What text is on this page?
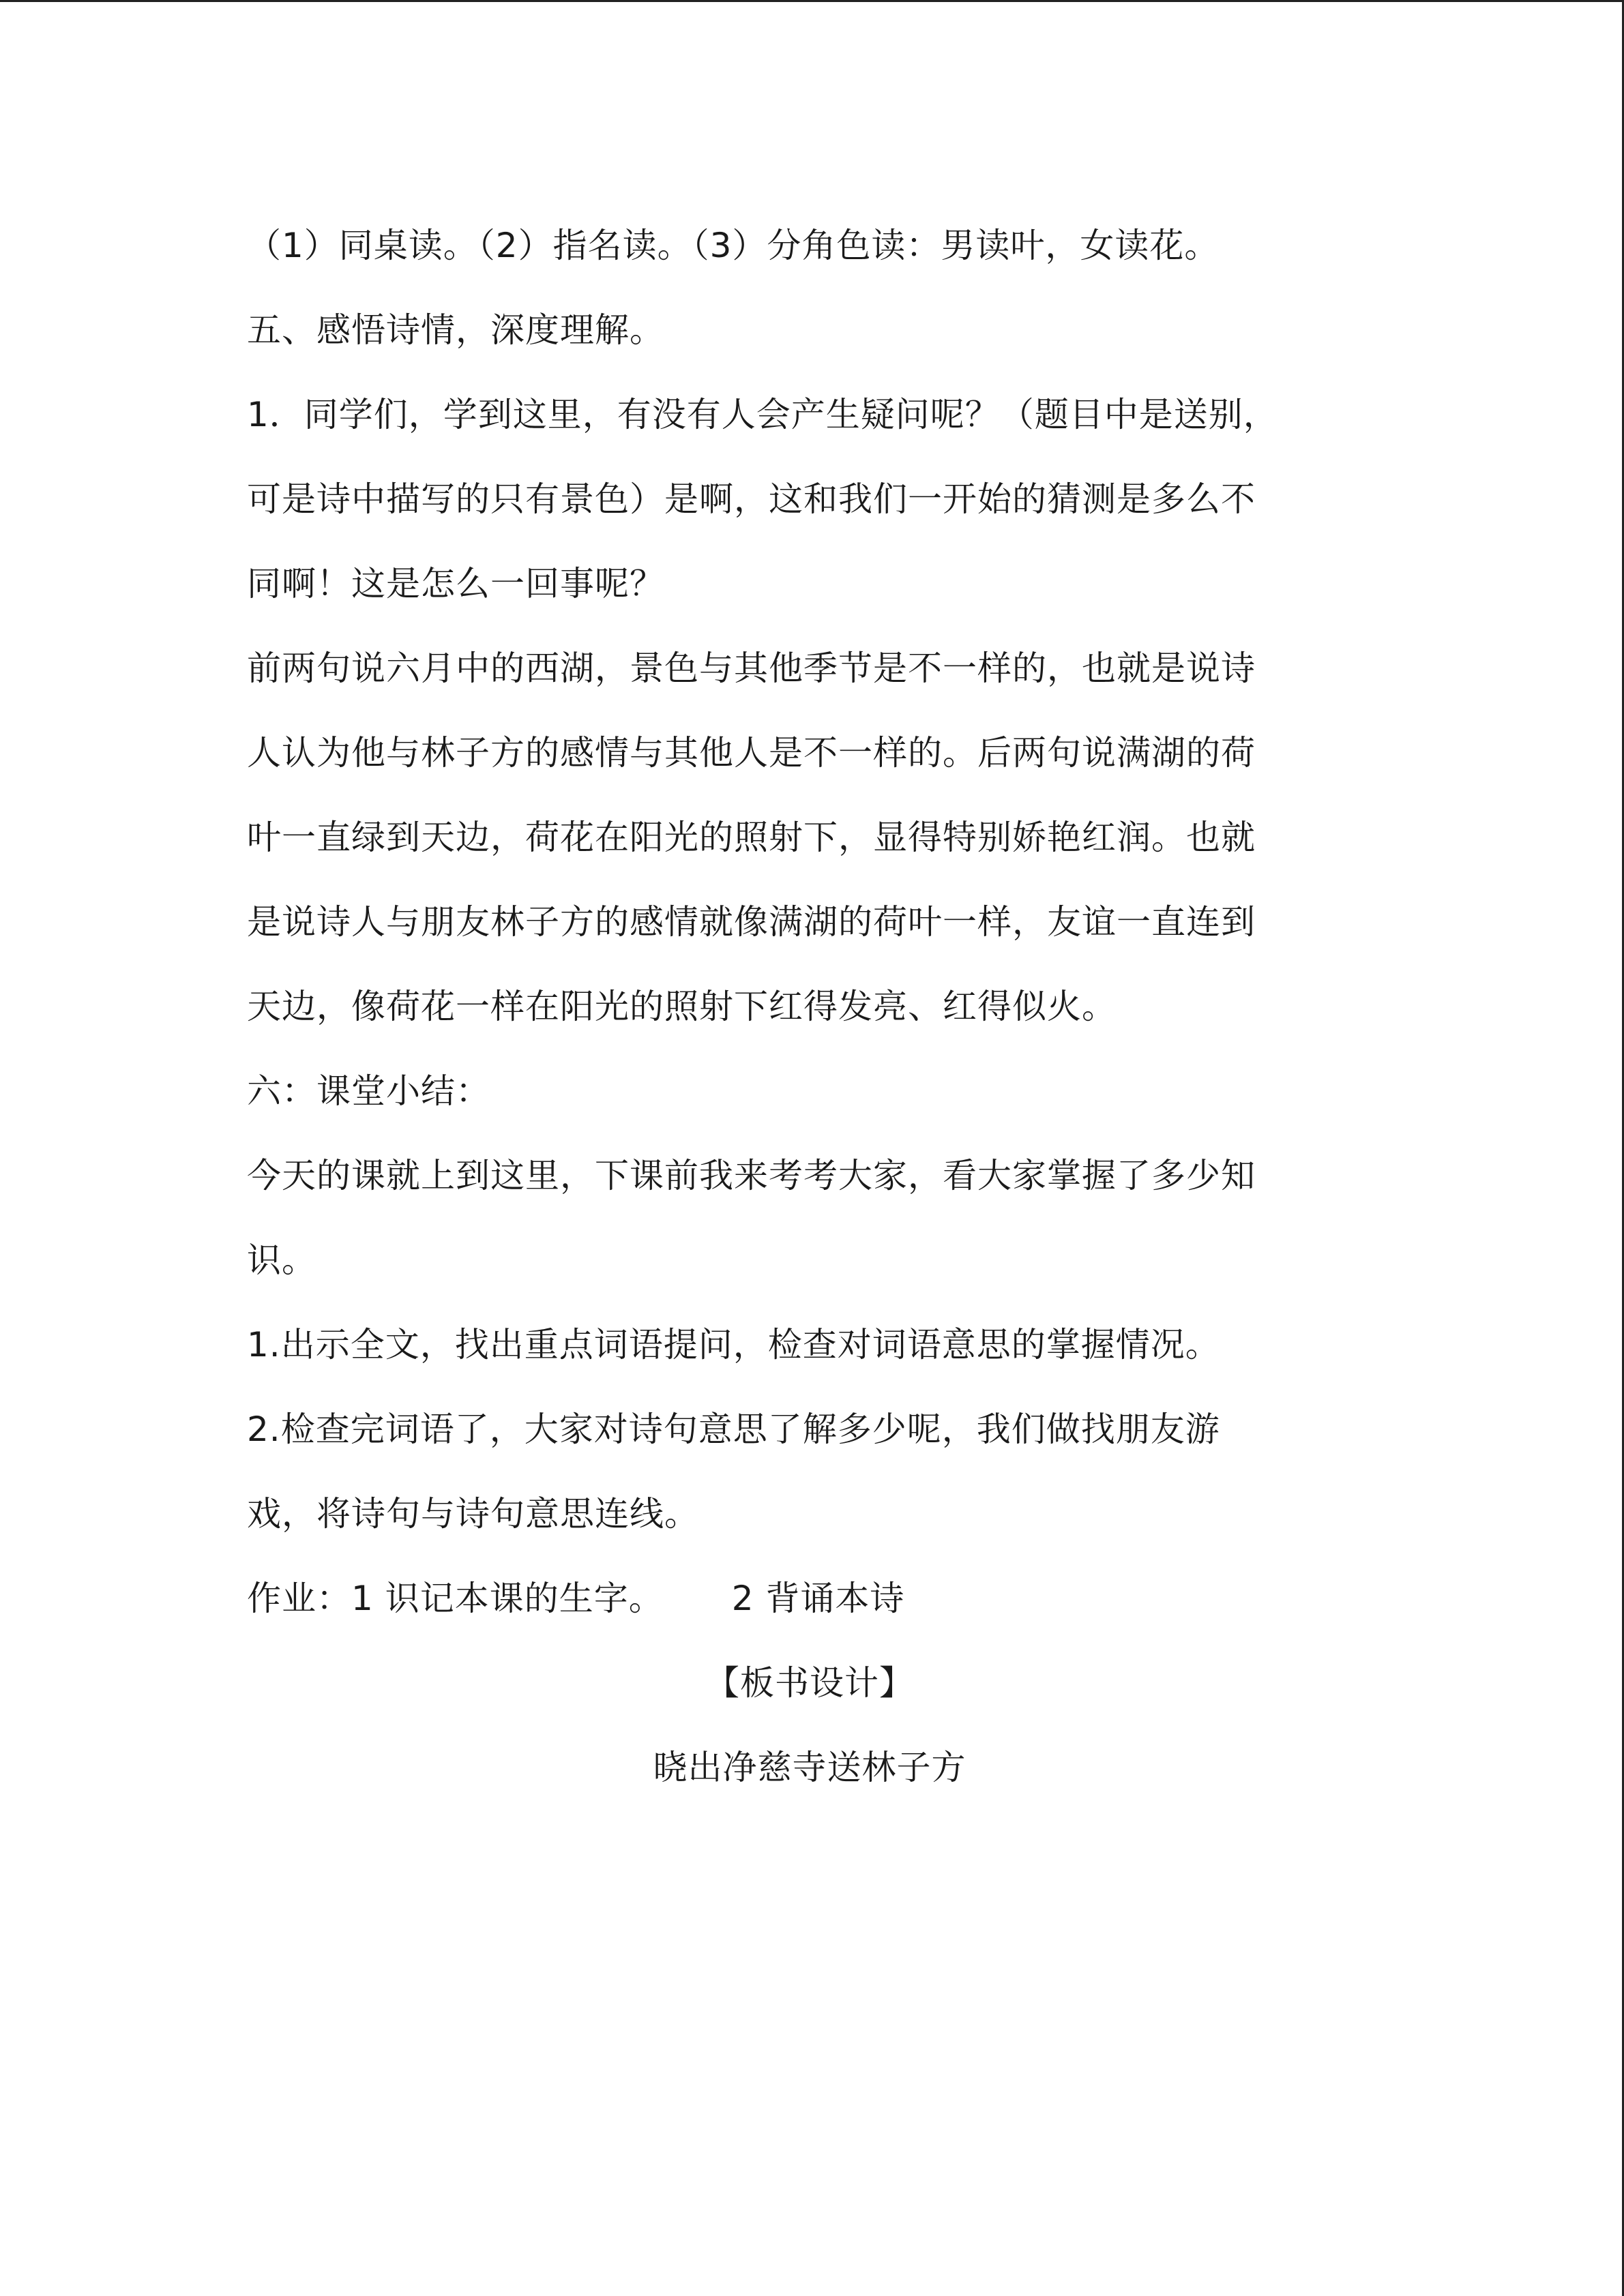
（1）同桌读。（2）指名读。（3）分角色读：男读叶，女读花。
五、感悟诗情，深度理解。
1．同学们，学到这里，有没有人会产生疑问呢？（题目中是送别，
可是诗中描写的只有景色）是啊，这和我们一开始的猜测是多么不
同啊！这是怎么一回事呢？
前两句说六月中的西湖，景色与其他季节是不一样的，也就是说诗
人认为他与林子方的感情与其他人是不一样的。后两句说满湖的荷
叶一直绿到天边，荷花在阳光的照射下，显得特别娇艳红润。也就
是说诗人与朋友林子方的感情就像满湖的荷叶一样，友谊一直连到
天边，像荷花一样在阳光的照射下红得发亮、红得似火。
六：课堂小结：
今天的课就上到这里，下课前我来考考大家，看大家掌握了多少知
识。
1.出示全文，找出重点词语提问，检查对词语意思的掌握情况。
2.检查完词语了，大家对诗句意思了解多少呢，我们做找朋友游
戏，将诗句与诗句意思连线。
作业：1 识记本课的生字。 2 背诵本诗
【板书设计】
晓出净慈寺送林子方
